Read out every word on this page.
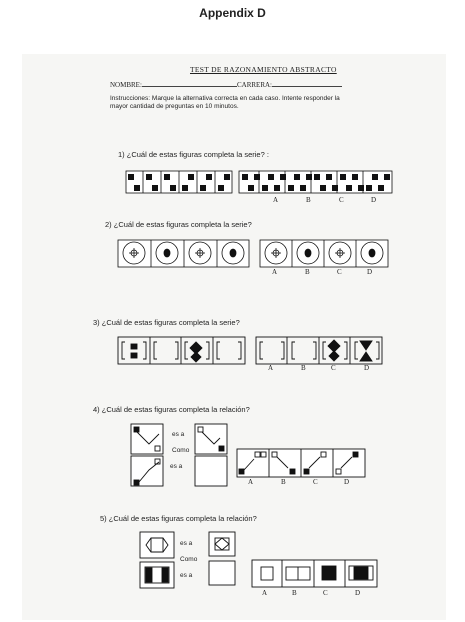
Appendix D
TEST DE RAZONAMIENTO ABSTRACTO
NOMBRE:	CARRERA:
Instrucciones: Marque la alternativa correcta en cada caso. Intente responder la
mayor cantidad de preguntas en 10 minutos.
1) ¿Cuál de estas figuras completa la serie? :
2) ¿Cuál de estas figuras completa la serie?
3) ¿Cuál de estas figuras completa la serie?
4) ¿Cuál de estas figuras completa la relación?
5) ¿Cuál de estas figuras completa la relación?
A	B	C	D
A	B	C	D
A	B	C	D
A	B	C	D
A	B	C	D
es a
Como
es a
es a
Como
es a
